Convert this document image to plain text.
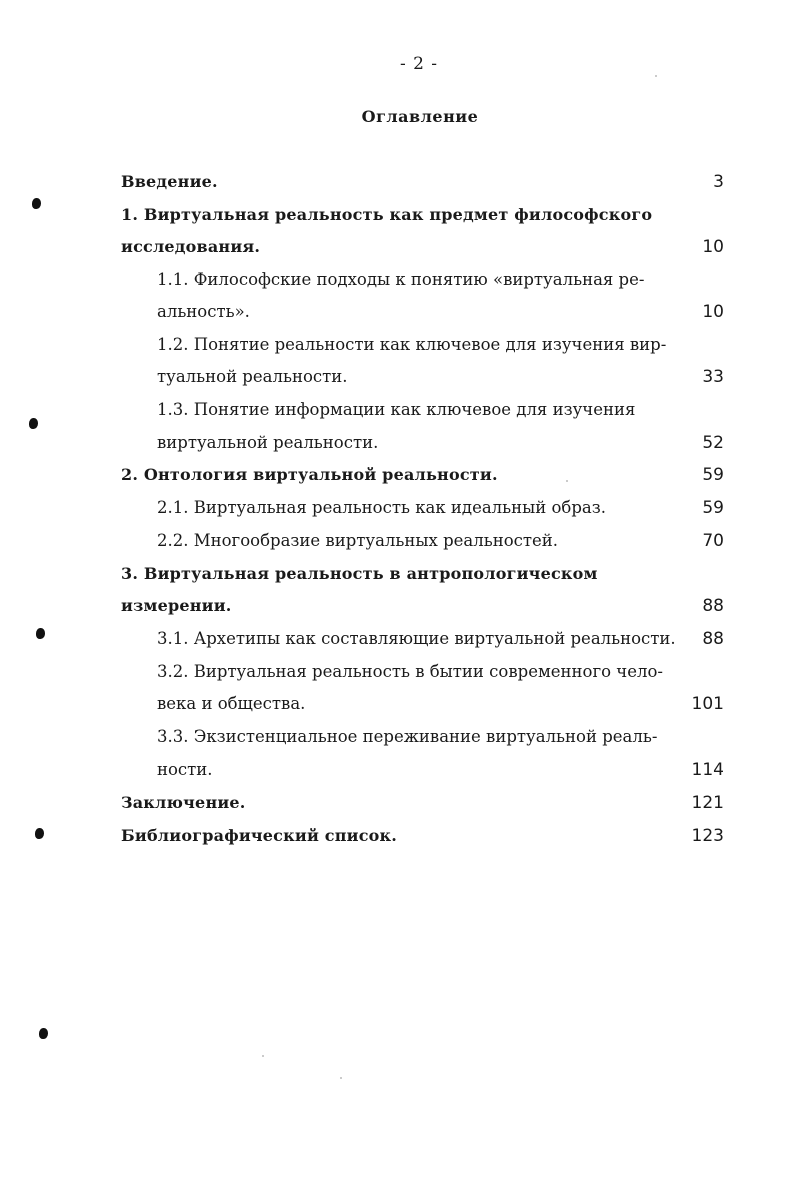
- 2 -
Оглавление
Введение.	3
1. Виртуальная реальность как предмет философского
исследования.	10
1.1. Философские подходы к понятию «виртуальная ре-
альность».	10
1.2. Понятие реальности как ключевое для изучения вир-
туальной реальности.	33
1.3. Понятие информации как ключевое для изучения
виртуальной реальности.	52
2. Онтология виртуальной реальности.	59
2.1. Виртуальная реальность как идеальный образ.	59
2.2. Многообразие виртуальных реальностей.	70
3. Виртуальная реальность в антропологическом
измерении.	88
3.1. Архетипы как составляющие виртуальной реальности. 88
3.2. Виртуальная реальность в бытии современного чело-
века и общества.	101
3.3. Экзистенциальное переживание виртуальной реаль-
ности.	114
Заключение.	121
Библиографический список.	123
